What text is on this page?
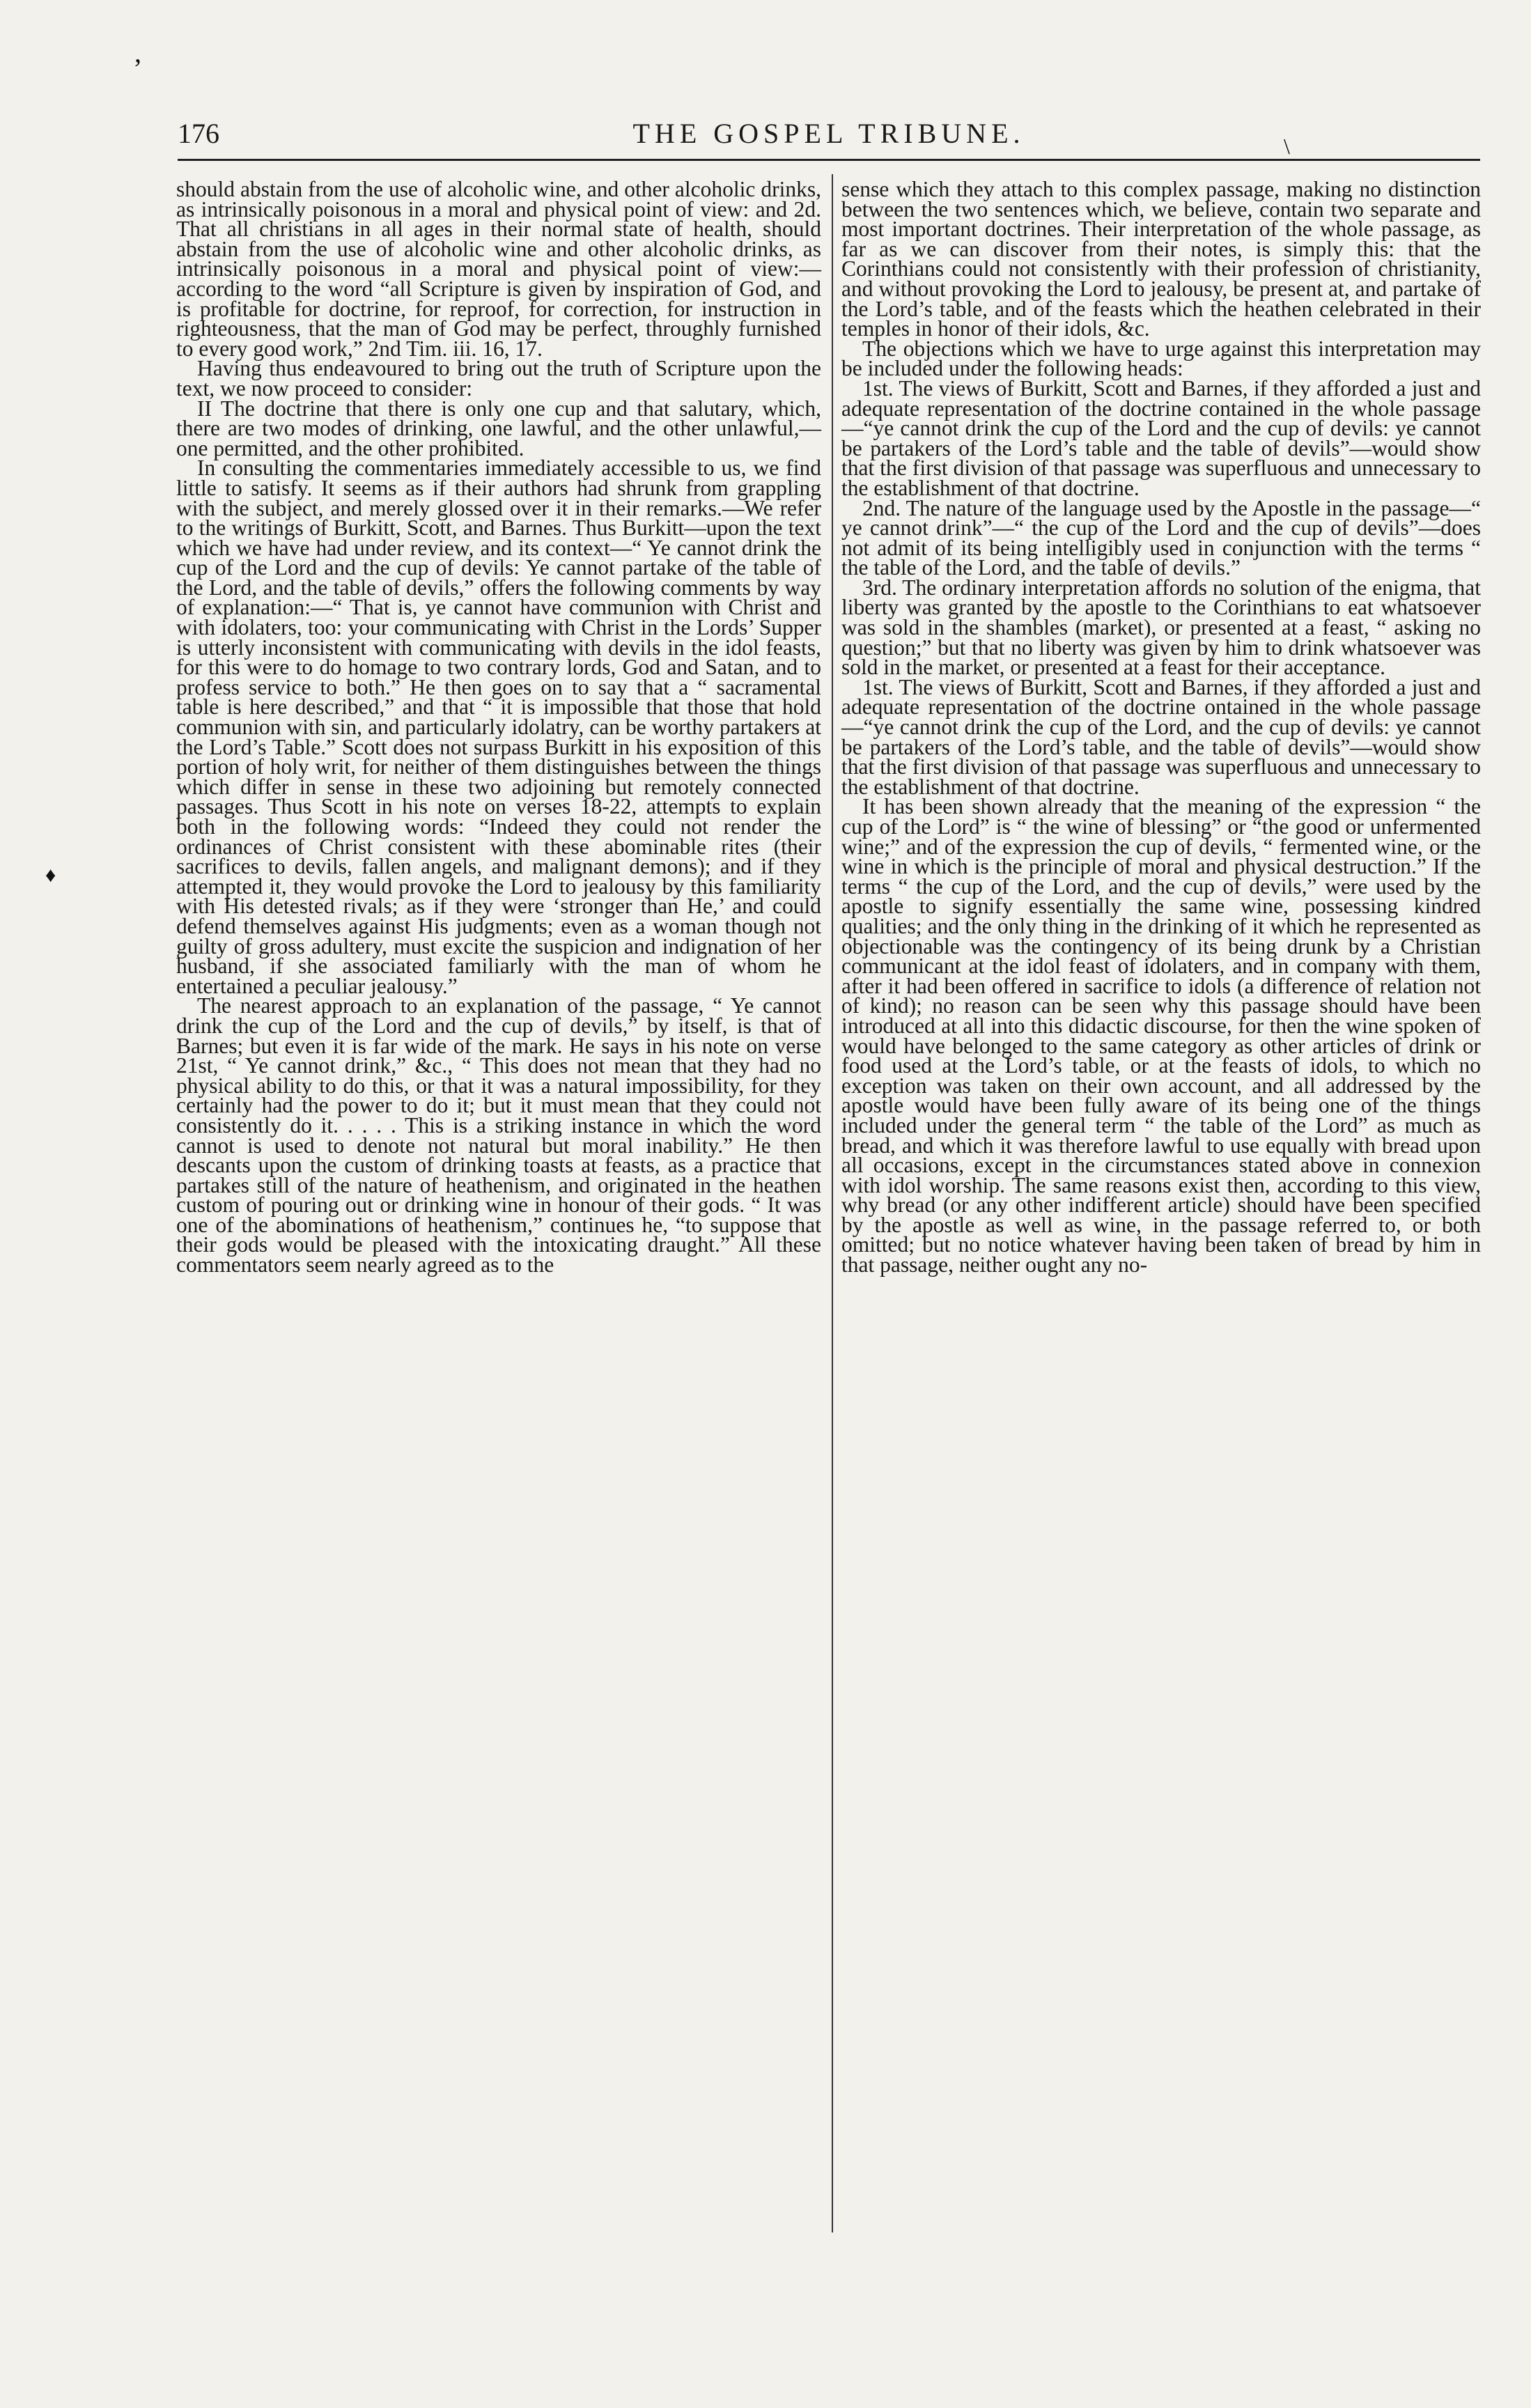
,
\
♦
176	THE GOSPEL TRIBUNE.

should abstain from the use of alcoholic wine, and other alcoholic drinks, as intrinsically poisonous in a moral and physical point of view: and 2d. That all christians in all ages in their normal state of health, should abstain from the use of alcoholic wine and other alcoholic drinks, as intrinsically poisonous in a moral and physical point of view:—according to the word “all Scripture is given by inspiration of God, and is profitable for doctrine, for reproof, for correction, for instruction in righteousness, that the man of God may be perfect, throughly furnished to every good work,” 2nd Tim. iii. 16, 17.

Having thus endeavoured to bring out the truth of Scripture upon the text, we now proceed to consider:

II The doctrine that there is only one cup and that salutary, which, there are two modes of drinking, one lawful, and the other unlawful,—one permitted, and the other prohibited.

In consulting the commentaries immediately accessible to us, we find little to satisfy. It seems as if their authors had shrunk from grappling with the subject, and merely glossed over it in their remarks.—We refer to the writings of Burkitt, Scott, and Barnes. Thus Burkitt—upon the text which we have had under review, and its context—“ Ye cannot drink the cup of the Lord and the cup of devils: Ye cannot partake of the table of the Lord, and the table of devils,” offers the following comments by way of explanation:—“ That is, ye cannot have communion with Christ and with idolaters, too: your communicating with Christ in the Lords’ Supper is utterly inconsistent with communicating with devils in the idol feasts, for this were to do homage to two contrary lords, God and Satan, and to profess service to both.” He then goes on to say that a “ sacramental table is here described,” and that “ it is impossible that those that hold communion with sin, and particularly idolatry, can be worthy partakers at the Lord’s Table.” Scott does not surpass Burkitt in his exposition of this portion of holy writ, for neither of them distinguishes between the things which differ in sense in these two adjoining but remotely connected passages. Thus Scott in his note on verses 18-22, attempts to explain both in the following words: “Indeed they could not render the ordinances of Christ consistent with these abominable rites (their sacrifices to devils, fallen angels, and malignant demons); and if they attempted it, they would provoke the Lord to jealousy by this familiarity with His detested rivals; as if they were ‘stronger than He,’ and could defend themselves against His judgments; even as a woman though not guilty of gross adultery, must excite the suspicion and indignation of her husband, if she associated familiarly with the man of whom he entertained a peculiar jealousy.”

The nearest approach to an explanation of the passage, “ Ye cannot drink the cup of the Lord and the cup of devils,” by itself, is that of Barnes; but even it is far wide of the mark. He says in his note on verse 21st, “ Ye cannot drink,” &c., “ This does not mean that they had no physical ability to do this, or that it was a natural impossibility, for they certainly had the power to do it; but it must mean that they could not consistently do it. . . . . This is a striking instance in which the word cannot is used to denote not natural but moral inability.” He then descants upon the custom of drinking toasts at feasts, as a practice that partakes still of the nature of heathenism, and originated in the heathen custom of pouring out or drinking wine in honour of their gods. “ It was one of the abominations of heathenism,” continues he, “to suppose that their gods would be pleased with the intoxicating draught.” All these commentators seem nearly agreed as to the

sense which they attach to this complex passage, making no distinction between the two sentences which, we believe, contain two separate and most important doctrines. Their interpretation of the whole passage, as far as we can discover from their notes, is simply this: that the Corinthians could not consistently with their profession of christianity, and without provoking the Lord to jealousy, be present at, and partake of the Lord’s table, and of the feasts which the heathen celebrated in their temples in honor of their idols, &c.

The objections which we have to urge against this interpretation may be included under the following heads:

1st. The views of Burkitt, Scott and Barnes, if they afforded a just and adequate representation of the doctrine contained in the whole passage—“ye cannot drink the cup of the Lord and the cup of devils: ye cannot be partakers of the Lord’s table and the table of devils”—would show that the first division of that passage was superfluous and unnecessary to the establishment of that doctrine.

2nd. The nature of the language used by the Apostle in the passage—“ ye cannot drink”—“ the cup of the Lord and the cup of devils”—does not admit of its being intelligibly used in conjunction with the terms “ the table of the Lord, and the table of devils.”

3rd. The ordinary interpretation affords no solution of the enigma, that liberty was granted by the apostle to the Corinthians to eat whatsoever was sold in the shambles (market), or presented at a feast, “ asking no question;” but that no liberty was given by him to drink whatsoever was sold in the market, or presented at a feast for their acceptance.

1st. The views of Burkitt, Scott and Barnes, if they afforded a just and adequate representation of the doctrine ontained in the whole passage—“ye cannot drink the cup of the Lord, and the cup of devils: ye cannot be partakers of the Lord’s table, and the table of devils”—would show that the first division of that passage was superfluous and unnecessary to the establishment of that doctrine.

It has been shown already that the meaning of the expression “ the cup of the Lord” is “ the wine of blessing” or “the good or unfermented wine;” and of the expression the cup of devils, “ fermented wine, or the wine in which is the principle of moral and physical destruction.” If the terms “ the cup of the Lord, and the cup of devils,” were used by the apostle to signify essentially the same wine, possessing kindred qualities; and the only thing in the drinking of it which he represented as objectionable was the contingency of its being drunk by a Christian communicant at the idol feast of idolaters, and in company with them, after it had been offered in sacrifice to idols (a difference of relation not of kind); no reason can be seen why this passage should have been introduced at all into this didactic discourse, for then the wine spoken of would have belonged to the same category as other articles of drink or food used at the Lord’s table, or at the feasts of idols, to which no exception was taken on their own account, and all addressed by the apostle would have been fully aware of its being one of the things included under the general term “ the table of the Lord” as much as bread, and which it was therefore lawful to use equally with bread upon all occasions, except in the circumstances stated above in connexion with idol worship. The same reasons exist then, according to this view, why bread (or any other indifferent article) should have been specified by the apostle as well as wine, in the passage referred to, or both omitted; but no notice whatever having been taken of bread by him in that passage, neither ought any no-
